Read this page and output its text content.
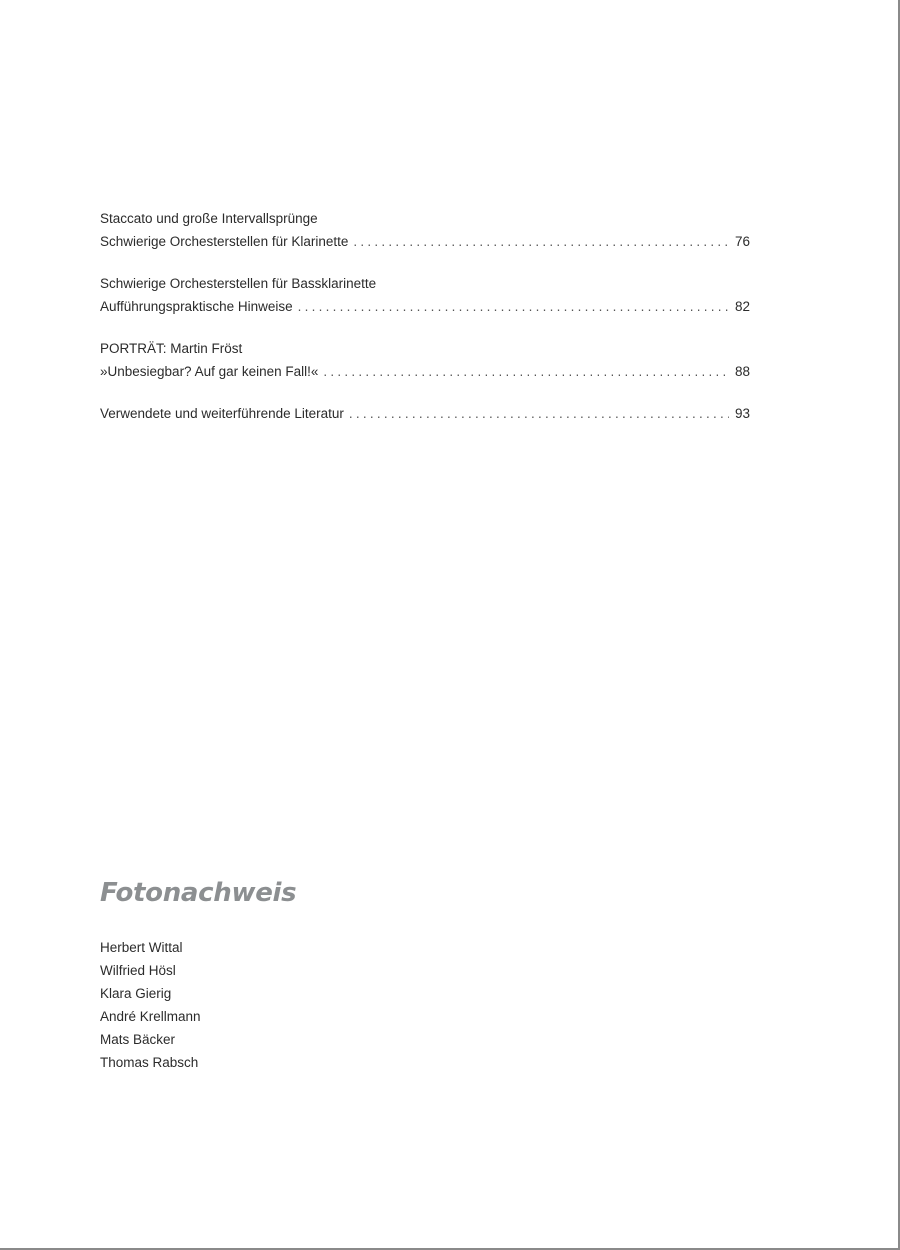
Staccato und große Intervallsprünge
Schwierige Orchesterstellen für Klarinette . . .	76
Schwierige Orchesterstellen für Bassklarinette
Aufführungspraktische Hinweise . . .	82
PORTRÄT: Martin Fröst
»Unbesiegbar? Auf gar keinen Fall!« . . .	88
Verwendete und weiterführende Literatur . . .	93
Fotonachweis
Herbert Wittal
Wilfried Hösl
Klara Gierig
André Krellmann
Mats Bäcker
Thomas Rabsch
